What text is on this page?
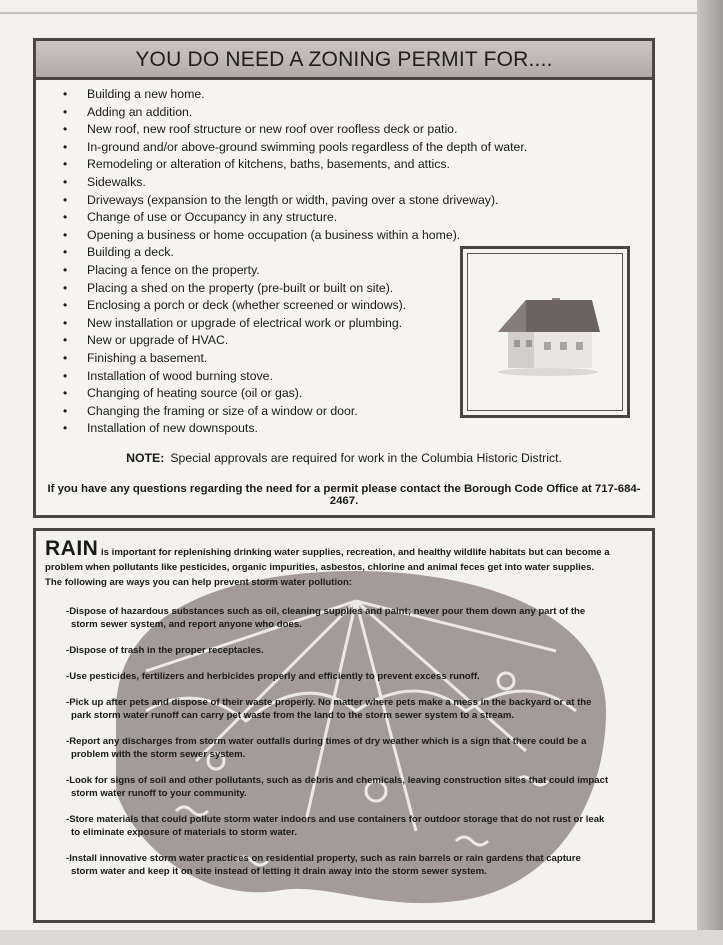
YOU DO NEED A ZONING PERMIT FOR....
• Building a new home.
• Adding an addition.
• New roof, new roof structure or new roof over roofless deck or patio.
• In-ground and/or above-ground swimming pools regardless of the depth of water.
• Remodeling or alteration of kitchens, baths, basements, and attics.
• Sidewalks.
• Driveways (expansion to the length or width, paving over a stone driveway).
• Change of use or Occupancy in any structure.
• Opening a business or home occupation (a business within a home).
• Building a deck.
• Placing a fence on the property.
• Placing a shed on the property (pre-built or built on site).
• Enclosing a porch or deck (whether screened or windows).
• New installation or upgrade of electrical work or plumbing.
• New or upgrade of HVAC.
• Finishing a basement.
• Installation of wood burning stove.
• Changing of heating source (oil or gas).
• Changing the framing or size of a window or door.
• Installation of new downspouts.
NOTE: Special approvals are required for work in the Columbia Historic District.
If you have any questions regarding the need for a permit please contact the Borough Code Office at 717-684-2467.
RAIN is important for replenishing drinking water supplies, recreation, and healthy wildlife habitats but can become a
problem when pollutants like pesticides, organic impurities, asbestos, chlorine and animal feces get into water supplies.
The following are ways you can help prevent storm water pollution:
-Dispose of hazardous substances such as oil, cleaning supplies and paint; never pour them down any part of the
storm sewer system, and report anyone who does.
-Dispose of trash in the proper receptacles.
-Use pesticides, fertilizers and herbicides properly and efficiently to prevent excess runoff.
-Pick up after pets and dispose of their waste properly. No matter where pets make a mess in the backyard or at the
park storm water runoff can carry pet waste from the land to the storm sewer system to a stream.
-Report any discharges from storm water outfalls during times of dry weather which is a sign that there could be a
problem with the storm sewer system.
-Look for signs of soil and other pollutants, such as debris and chemicals, leaving construction sites that could impact
storm water runoff to your community.
-Store materials that could pollute storm water indoors and use containers for outdoor storage that do not rust or leak
to eliminate exposure of materials to storm water.
-Install innovative storm water practices on residential property, such as rain barrels or rain gardens that capture
storm water and keep it on site instead of letting it drain away into the storm sewer system.
